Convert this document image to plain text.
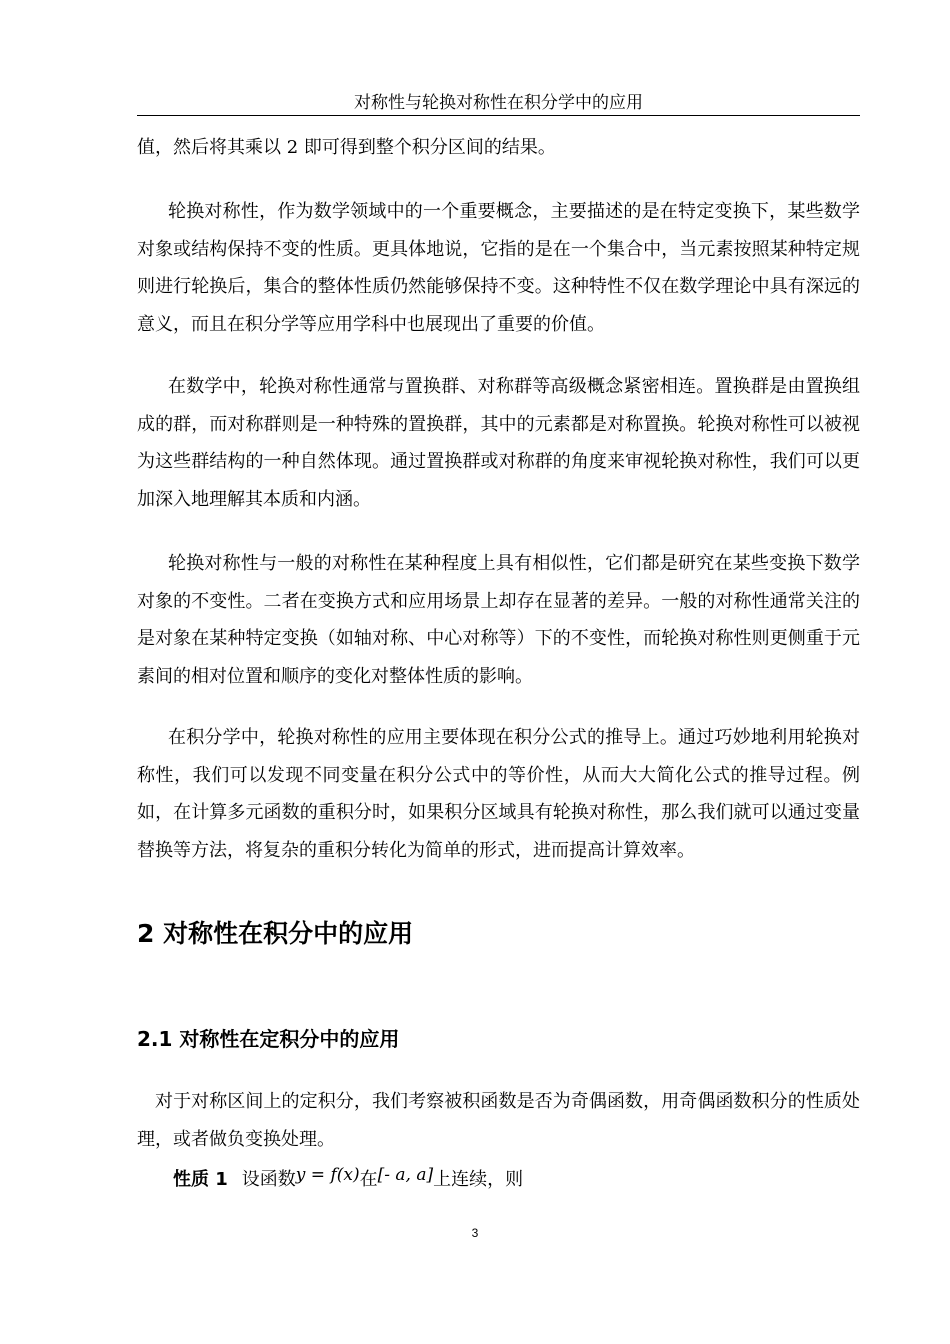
对称性与轮换对称性在积分学中的应用

值，然后将其乘以 2 即可得到整个积分区间的结果。

轮换对称性，作为数学领域中的一个重要概念，主要描述的是在特定变换下，某些数学对象或结构保持不变的性质。更具体地说，它指的是在一个集合中，当元素按照某种特定规则进行轮换后，集合的整体性质仍然能够保持不变。这种特性不仅在数学理论中具有深远的意义，而且在积分学等应用学科中也展现出了重要的价值。

在数学中，轮换对称性通常与置换群、对称群等高级概念紧密相连。置换群是由置换组成的群，而对称群则是一种特殊的置换群，其中的元素都是对称置换。轮换对称性可以被视为这些群结构的一种自然体现。通过置换群或对称群的角度来审视轮换对称性，我们可以更加深入地理解其本质和内涵。

轮换对称性与一般的对称性在某种程度上具有相似性，它们都是研究在某些变换下数学对象的不变性。二者在变换方式和应用场景上却存在显著的差异。一般的对称性通常关注的是对象在某种特定变换（如轴对称、中心对称等）下的不变性，而轮换对称性则更侧重于元素间的相对位置和顺序的变化对整体性质的影响。

在积分学中，轮换对称性的应用主要体现在积分公式的推导上。通过巧妙地利用轮换对称性，我们可以发现不同变量在积分公式中的等价性，从而大大简化公式的推导过程。例如，在计算多元函数的重积分时，如果积分区域具有轮换对称性，那么我们就可以通过变量替换等方法，将复杂的重积分转化为简单的形式，进而提高计算效率。

2 对称性在积分中的应用
2.1 对称性在定积分中的应用

对于对称区间上的定积分，我们考察被积函数是否为奇偶函数，用奇偶函数积分的性质处理，或者做负变换处理。

性质 1 设函数y = f(x)在[- a, a]上连续，则
3
